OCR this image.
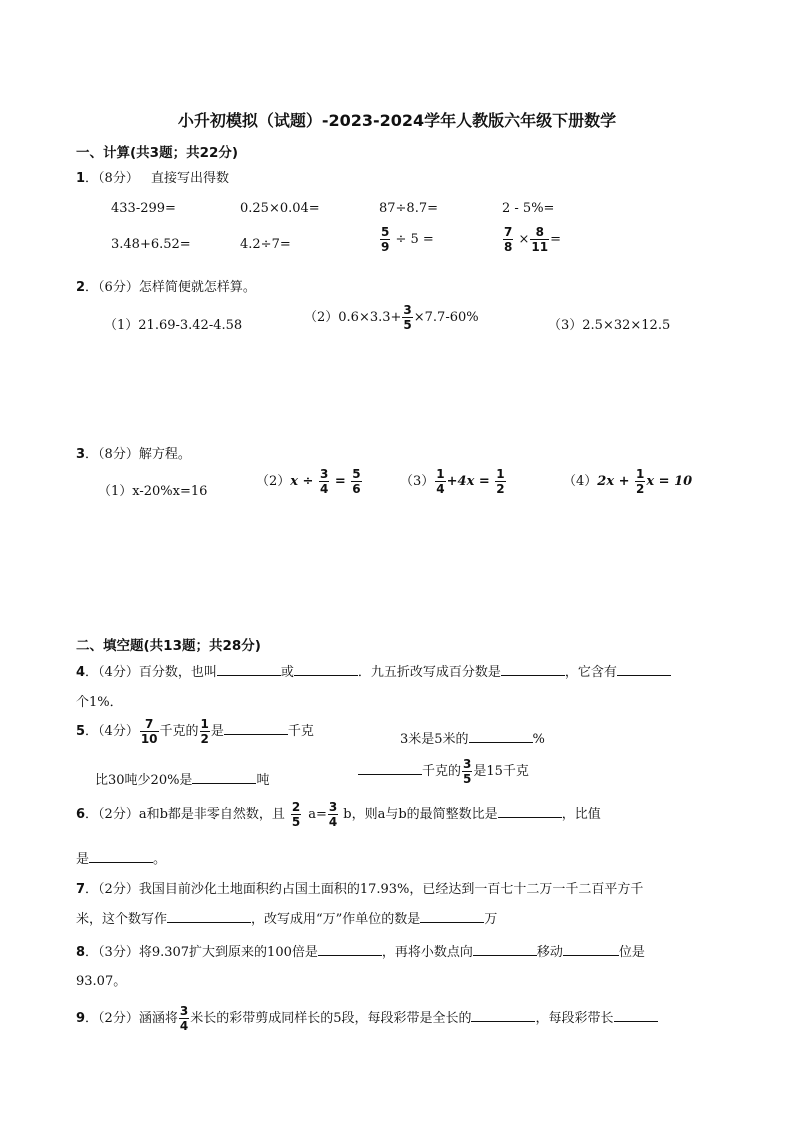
小升初模拟（试题）-2023-2024学年人教版六年级下册数学
一、计算(共3题；共22分)
1．（8分） 直接写出得数
433-299=	0.25×0.04=	87÷8.7=	2 - 5%=
3.48+6.52=	4.2÷7=	$\frac{5}{9} \div 5$ =	$\frac{7}{8} \times \frac{8}{11}$ =
2．（6分）怎样简便就怎样算。
（1）21.69-3.42-4.58
$(2)0.6\times 3.3+ \frac{3}{5} \times 7.7-60\%$
（3）2.5×32×12.5
3．（8分）解方程。
（1）x-20%x=16
$(2)x \div \frac{3}{4} = \frac{5}{6}$	$(3) \frac{1}{4} +4x = \frac{1}{2}$	$(4)2x + \frac{1}{2}$ x = 10
二、填空题(共13题；共28分)
4．（4分）百分数，也叫	或	．九五折改写成百分数是	，它含有
个1%．
5．（4分） $\frac{7}{10}$ 千克的 $\frac{1}{2}$ 是	千克
3米是5米的	%
比30吨少20%是	吨
千克的 $\frac{3}{5}$ 是15千克
6．（2分）a和b都是非零自然数，且 $\frac{2}{5} a= \frac{3}{4}$ b，则a与b的最简整数比是	，比值
是	。
7．（2分）我国目前沙化土地面积约占国土面积的17.93%，已经达到一百七十二万一千二百平方千
米，这个数写作	，改写成用“万”作单位的数是	万
8．（3分）将9.307扩大到原来的100倍是	，再将小数点向	移动	位是
93.07。
9．（2分）涵涵将 $\frac{3}{4}$ 米长的彩带剪成同样长的5段，每段彩带是全长的	，每段彩带长
